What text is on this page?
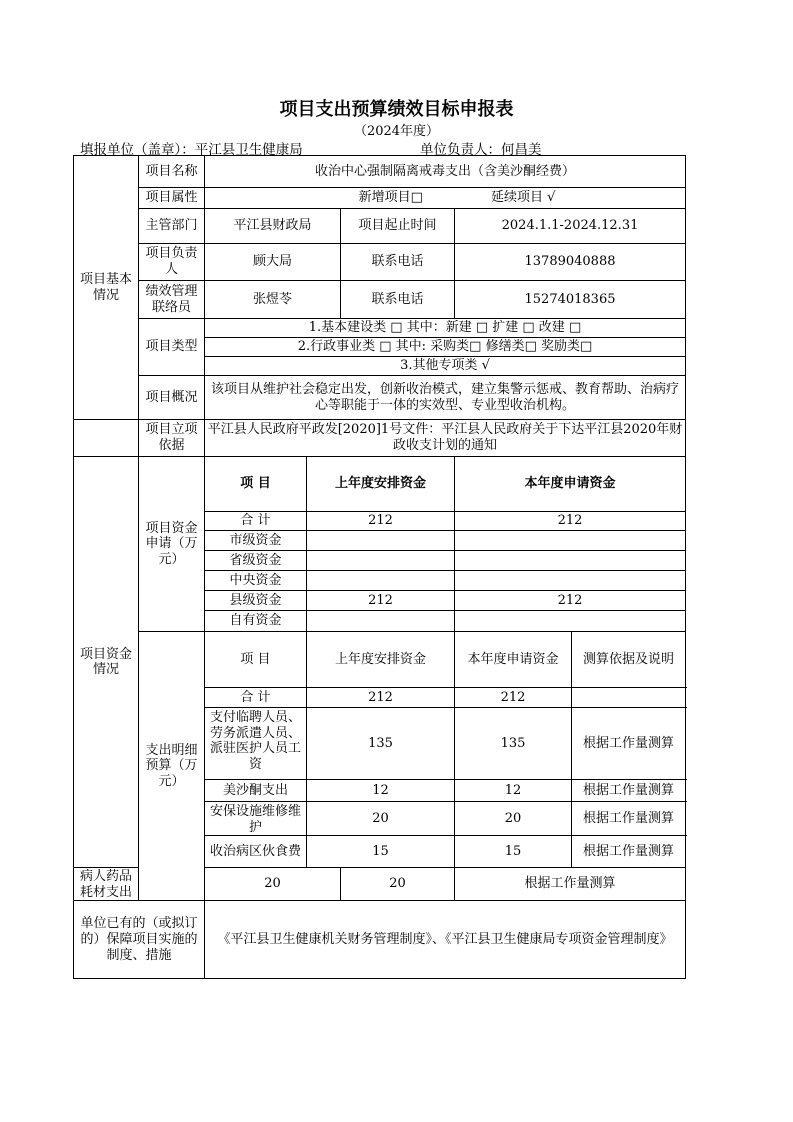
项目支出预算绩效目标申报表
（2024年度）
填报单位（盖章）：平江县卫生健康局	单位负责人：何昌美
项目基本情况	项目名称	收治中心强制隔离戒毒支出（含美沙酮经费）				
	项目属性	新增项目□ 延续项目 √				
	主管部门	平江县财政局		项目起止时间	2024.1.1-2024.12.31	
	项目负责人	顾大局		联系电话	13789040888	
	绩效管理联络员	张煜苓		联系电话	15274018365	
	项目类型	1.基本建设类 □ 其中：新建 □ 扩建 □ 改建 □				
		2.行政事业类 □ 其中: 采购类□ 修缮类□ 奖励类□				
		3.其他专项类 √				
	项目概况	该项目从维护社会稳定出发，创新收治模式，建立集警示惩戒、教育帮助、治病疗心等职能于一体的实效型、专业型收治机构。				
	项目立项依据	平江县人民政府平政发[2020]1号文件：平江县人民政府关于下达平江县2020年财政收支计划的通知				
项目资金情况	项目资金申请（万元）	项 目	上年度安排资金		本年度申请资金	
		合 计	212		212	
		市级资金				
		省级资金				
		中央资金				
		县级资金	212		212	
		自有资金				
	支出明细预算（万元）	项 目	上年度安排资金		本年度申请资金	测算依据及说明
		合 计	212		212	
		支付临聘人员、劳务派遣人员、派驻医护人员工资	135		135	根据工作量测算
		美沙酮支出	12		12	根据工作量测算
		安保设施维修维护	20		20	根据工作量测算
		收治病区伙食费	15		15	根据工作量测算
病人药品耗材支出		20		20	根据工作量测算	
单位已有的（或拟订的）保障项目实施的制度、措施		《平江县卫生健康机关财务管理制度》、《平江县卫生健康局专项资金管理制度》				
